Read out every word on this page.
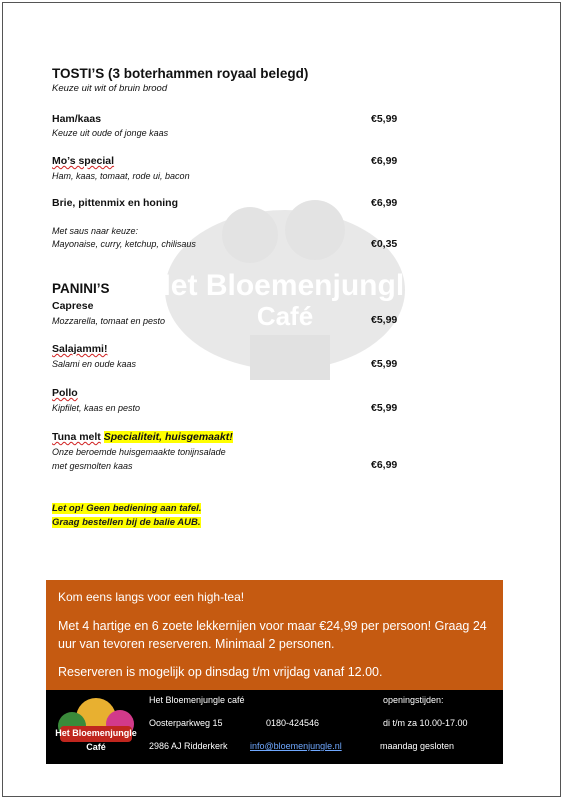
Het Bloemenjungle
Café
TOSTI’S (3 boterhammen royaal belegd)
Keuze uit wit of bruin brood
Ham/kaas
Keuze uit oude of jonge kaas
€5,99
Mo’s special
Ham, kaas, tomaat, rode ui, bacon
€6,99
Brie, pittenmix en honing	€6,99
Met saus naar keuze:
Mayonaise, curry, ketchup, chilisaus	€0,35
PANINI’S
Caprese
Mozzarella, tomaat en pesto	€5,99
Salajammi!
Salami en oude kaas	€5,99
Pollo
Kipfilet, kaas en pesto	€5,99
Tuna melt Specialiteit, huisgemaakt!
Onze beroemde huisgemaakte tonijnsalade
met gesmolten kaas	€6,99
Let op! Geen bediening aan tafel.
Graag bestellen bij de balie AUB.
Kom eens langs voor een high-tea!
Met 4 hartige en 6 zoete lekkernijen voor maar €24,99 per persoon! Graag 24 uur van tevoren reserveren. Minimaal 2 personen.
Reserveren is mogelijk op dinsdag t/m vrijdag vanaf 12.00.
Het Bloemenjungle
Café
Het Bloemenjungle café
Oosterparkweg 15	0180-424546
2986 AJ Ridderkerk info@bloemenjungle.nl
openingstijden:
di t/m za 10.00-17.00
maandag gesloten
